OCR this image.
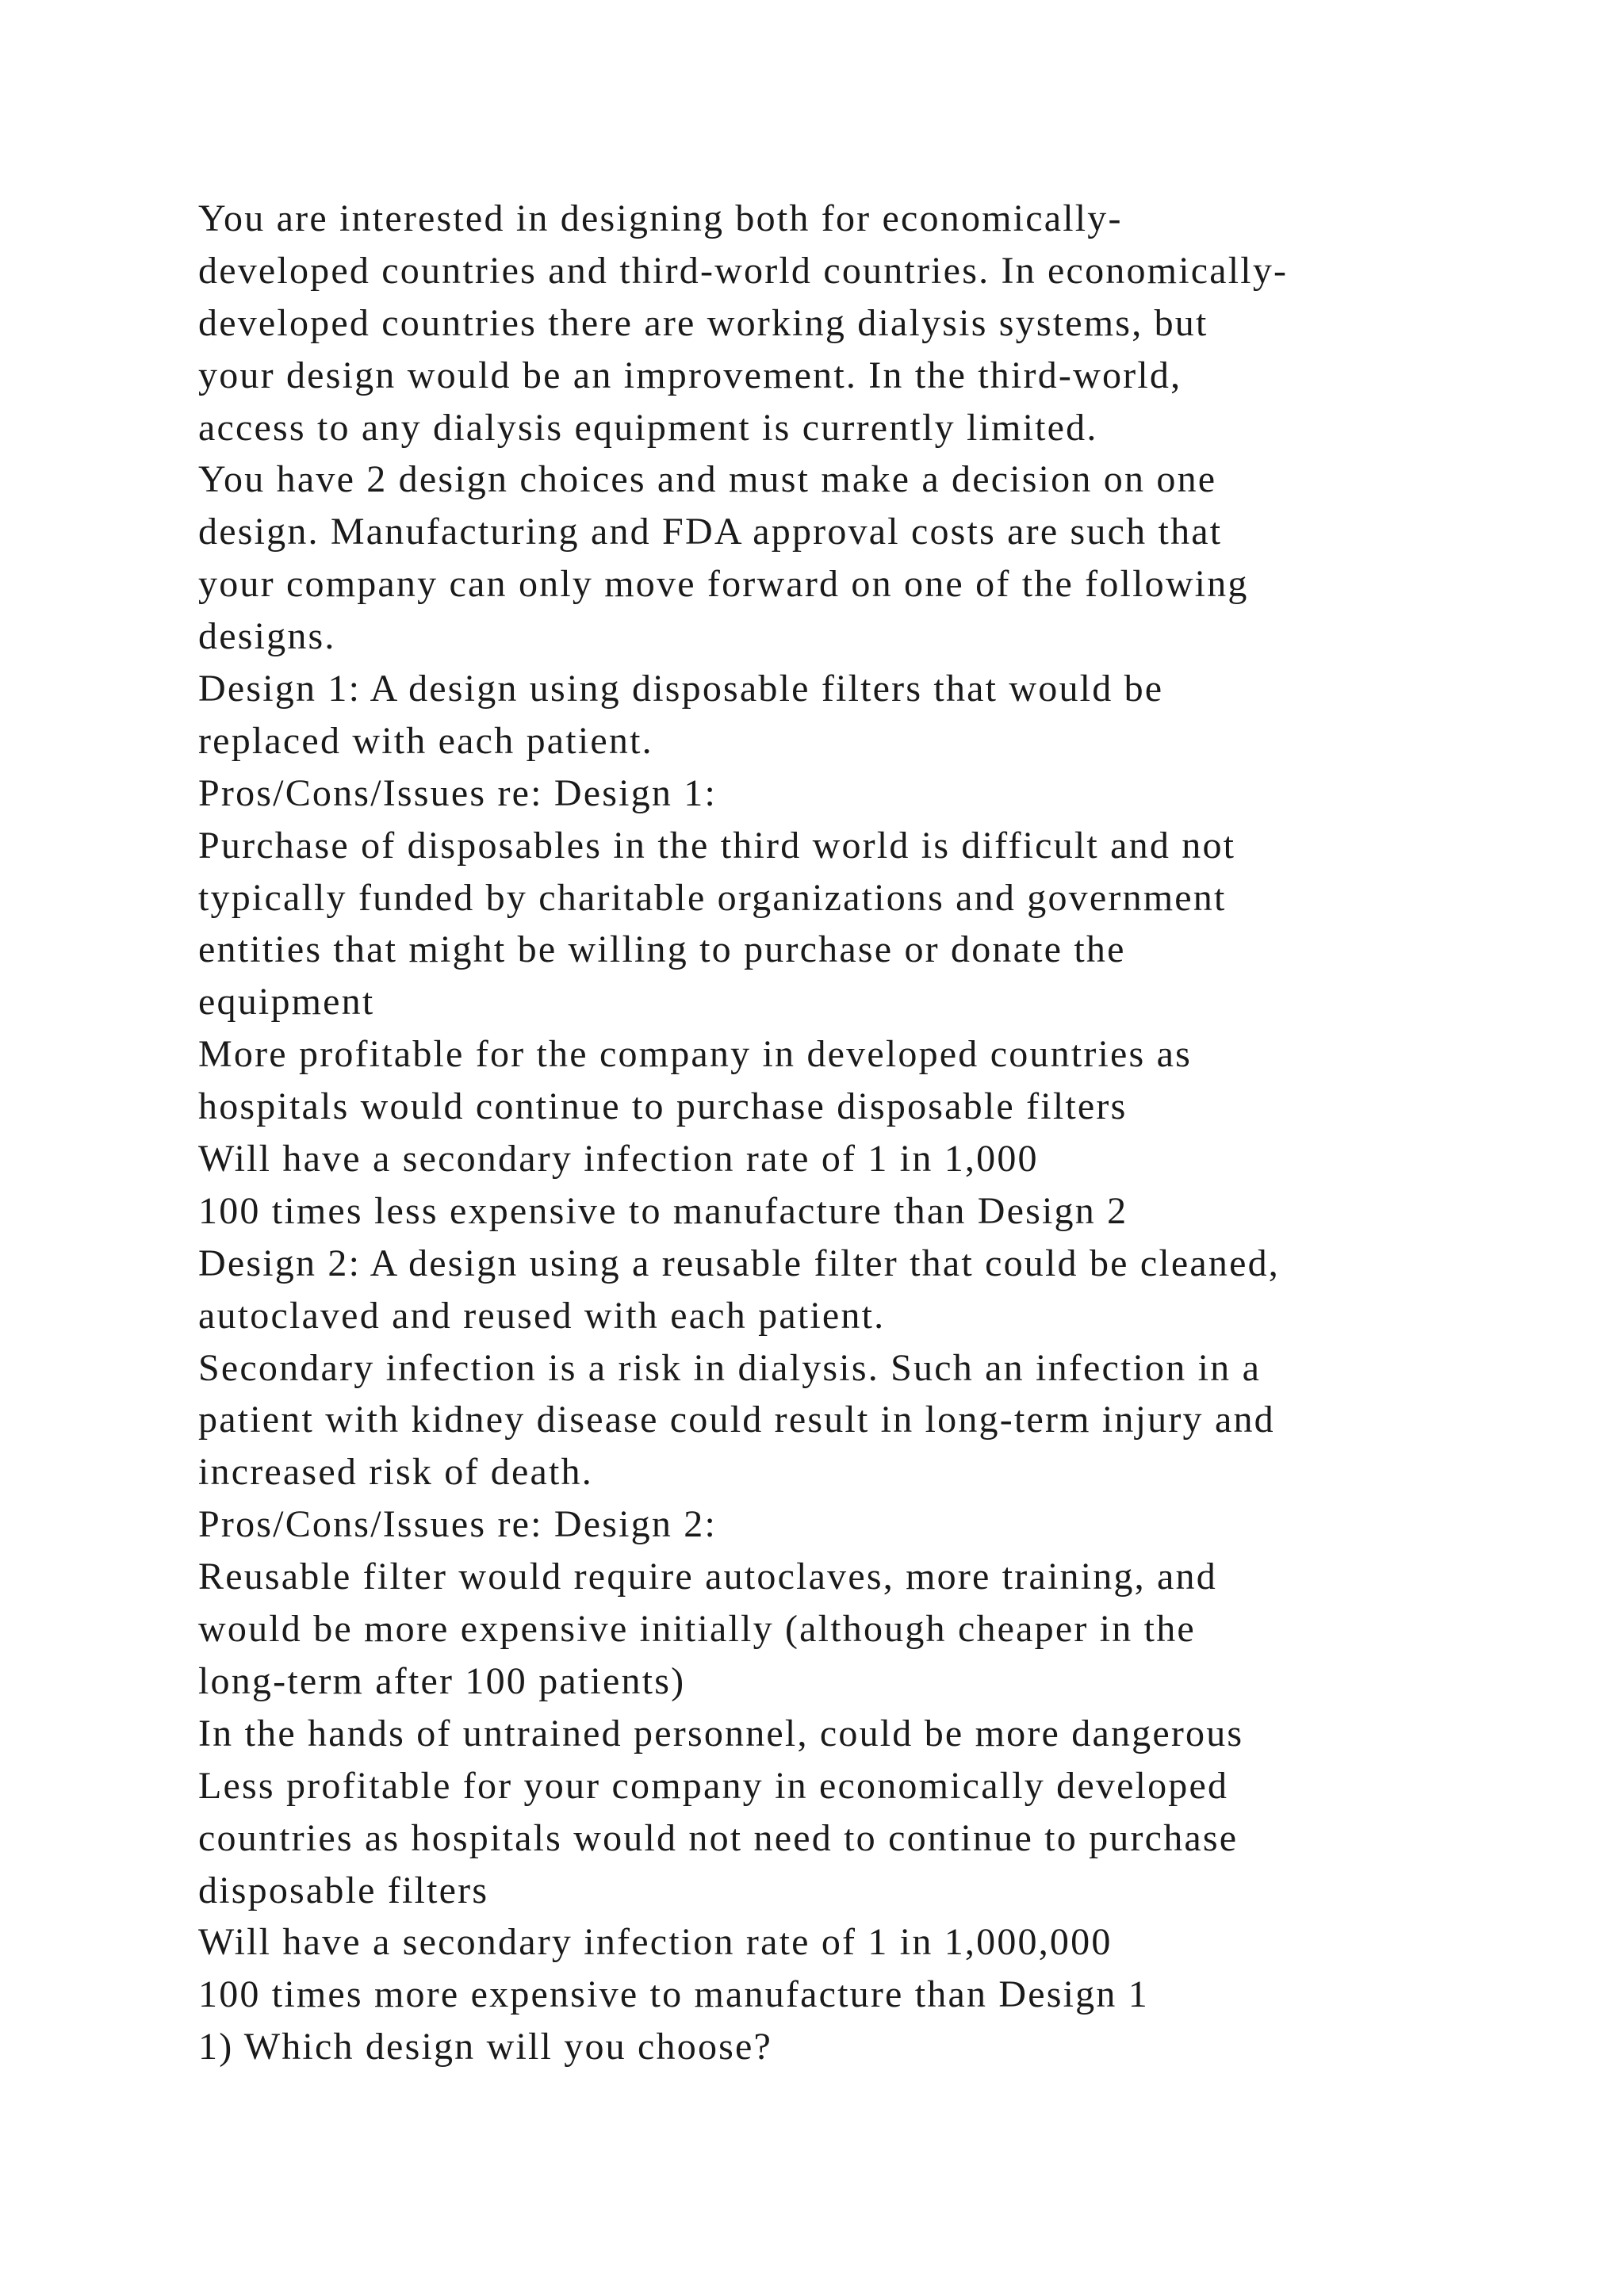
You are interested in designing both for economically-
developed countries and third-world countries. In economically-
developed countries there are working dialysis systems, but
your design would be an improvement. In the third-world,
access to any dialysis equipment is currently limited.
You have 2 design choices and must make a decision on one
design. Manufacturing and FDA approval costs are such that
your company can only move forward on one of the following
designs.
Design 1: A design using disposable filters that would be
replaced with each patient.
Pros/Cons/Issues re: Design 1:
Purchase of disposables in the third world is difficult and not
typically funded by charitable organizations and government
entities that might be willing to purchase or donate the
equipment
More profitable for the company in developed countries as
hospitals would continue to purchase disposable filters
Will have a secondary infection rate of 1 in 1,000
100 times less expensive to manufacture than Design 2
Design 2: A design using a reusable filter that could be cleaned,
autoclaved and reused with each patient.
Secondary infection is a risk in dialysis. Such an infection in a
patient with kidney disease could result in long-term injury and
increased risk of death.
Pros/Cons/Issues re: Design 2:
Reusable filter would require autoclaves, more training, and
would be more expensive initially (although cheaper in the
long-term after 100 patients)
In the hands of untrained personnel, could be more dangerous
Less profitable for your company in economically developed
countries as hospitals would not need to continue to purchase
disposable filters
Will have a secondary infection rate of 1 in 1,000,000
100 times more expensive to manufacture than Design 1
1) Which design will you choose?
